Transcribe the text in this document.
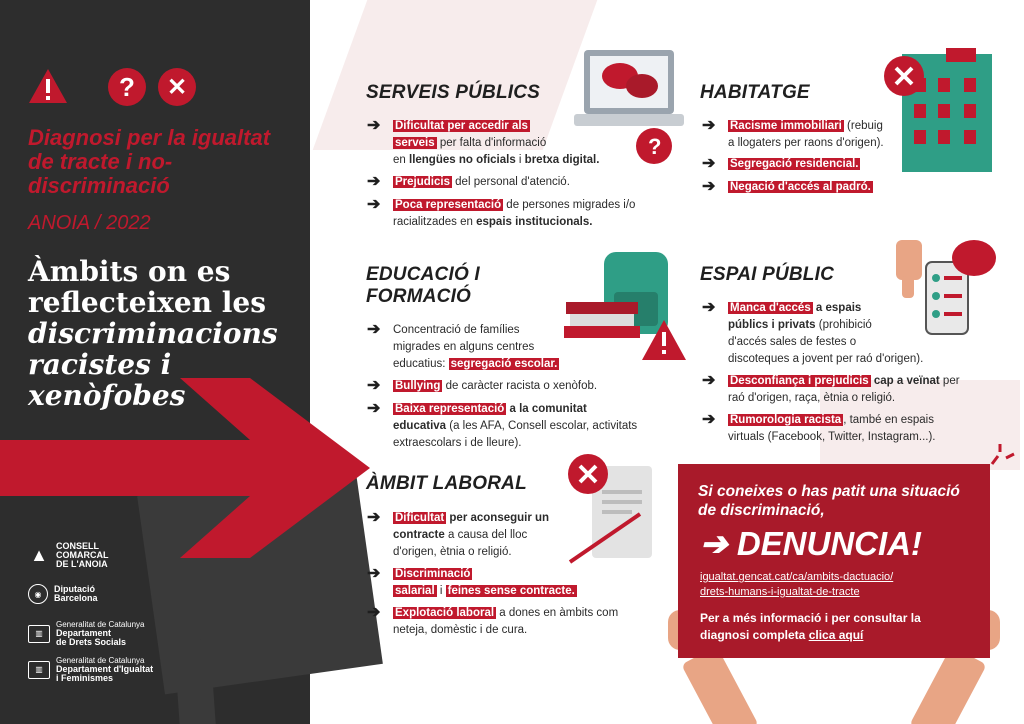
?	✕
Diagnosi per la igualtat de tracte i no-discriminació
ANOIA / 2022
Àmbits on es reflecteixen les discriminacions racistes i xenòfobes
▲ CONSELL
COMARCAL
DE L'ANOIA
◉	Diputació
Barcelona
▥
Generalitat de Catalunya
Departament
de Drets Socials
▥
Generalitat de Catalunya
Departament d'Igualtat
i Feminismes
SERVEIS PÚBLICS
?
➔ Dificultat per accedir als
serveis per falta d'informació
en llengües no oficials i bretxa digital.
➔ Prejudicis del personal d'atenció.
➔ Poca representació de persones migrades i/o
racialitzades en espais institucionals.
EDUCACIÓ I
FORMACIÓ
➔ Concentració de famílies
migrades en alguns centres
educatius: segregació escolar.
➔ Bullying de caràcter racista o xenòfob.
➔ Baixa representació a la comunitat
educativa (a les AFA, Consell escolar, activitats
extraescolars i de lleure).
ÀMBIT LABORAL
➔ Dificultat per aconseguir un
contracte a causa del lloc
d'origen, ètnia o religió.
➔ Discriminació
salarial i feines sense contracte.
➔ Explotació laboral a dones en àmbits com
neteja, domèstic i de cura.
HABITATGE
➔ Racisme immobiliari (rebuig
a llogaters per raons d'origen).
➔ Segregació residencial.
➔ Negació d'accés al padró.
ESPAI PÚBLIC
➔ Manca d'accés a espais
públics i privats (prohibició
d'accés sales de festes o
discoteques a jovent per raó d'origen).
➔ Desconfiança i prejudicis cap a veïnat per
raó d'origen, raça, ètnia o religió.
➔ Rumorologia racista , també en espais
virtuals (Facebook, Twitter, Instagram...).
Si coneixes o has patit una situació de discriminació,
➔ DENUNCIA!
igualtat.gencat.cat/ca/ambits-dactuacio/
drets-humans-i-igualtat-de-tracte
Per a més informació i per consultar la
diagnosi completa clica aquí
